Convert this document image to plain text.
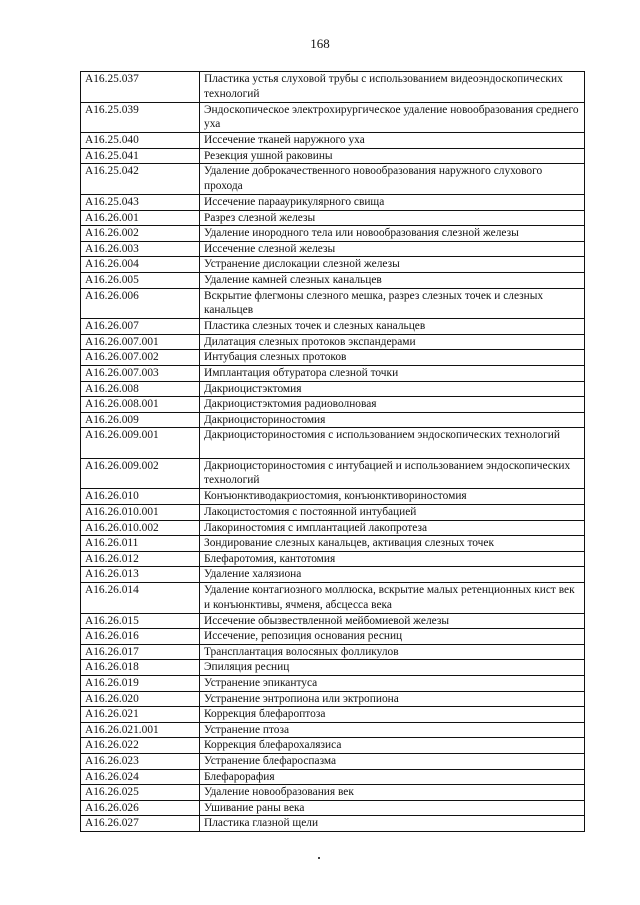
168
A16.25.037	Пластика устья слуховой трубы с использованием видеоэндоскопических технологий
A16.25.039	Эндоскопическое электрохирургическое удаление новообразования среднего уха
A16.25.040	Иссечение тканей наружного уха
A16.25.041	Резекция ушной раковины
A16.25.042	Удаление доброкачественного новообразования наружного слухового прохода
A16.25.043	Иссечение парааурикулярного свища
A16.26.001	Разрез слезной железы
A16.26.002	Удаление инородного тела или новообразования слезной железы
A16.26.003	Иссечение слезной железы
A16.26.004	Устранение дислокации слезной железы
A16.26.005	Удаление камней слезных канальцев
A16.26.006	Вскрытие флегмоны слезного мешка, разрез слезных точек и слезных канальцев
A16.26.007	Пластика слезных точек и слезных канальцев
A16.26.007.001	Дилатация слезных протоков экспандерами
A16.26.007.002	Интубация слезных протоков
A16.26.007.003	Имплантация обтуратора слезной точки
A16.26.008	Дакриоцистэктомия
A16.26.008.001	Дакриоцистэктомия радиоволновая
A16.26.009	Дакриоцисториностомия
A16.26.009.001	Дакриоцисториностомия с использованием эндоскопических технологий
A16.26.009.002	Дакриоцисториностомия с интубацией и использованием эндоскопических технологий
A16.26.010	Конъюнктиводакриостомия, конъюнктивориностомия
A16.26.010.001	Лакоцистостомия с постоянной интубацией
A16.26.010.002	Лакориностомия с имплантацией лакопротеза
A16.26.011	Зондирование слезных канальцев, активация слезных точек
A16.26.012	Блефаротомия, кантотомия
A16.26.013	Удаление халязиона
A16.26.014	Удаление контагиозного моллюска, вскрытие малых ретенционных кист век и конъюнктивы, ячменя, абсцесса века
A16.26.015	Иссечение обызвествленной мейбомиевой железы
A16.26.016	Иссечение, репозиция основания ресниц
A16.26.017	Трансплантация волосяных фолликулов
A16.26.018	Эпиляция ресниц
A16.26.019	Устранение эпикантуса
A16.26.020	Устранение энтропиона или эктропиона
A16.26.021	Коррекция блефароптоза
A16.26.021.001	Устранение птоза
A16.26.022	Коррекция блефарохалязиса
A16.26.023	Устранение блефароспазма
A16.26.024	Блефарорафия
A16.26.025	Удаление новообразования век
A16.26.026	Ушивание раны века
A16.26.027	Пластика глазной щели
